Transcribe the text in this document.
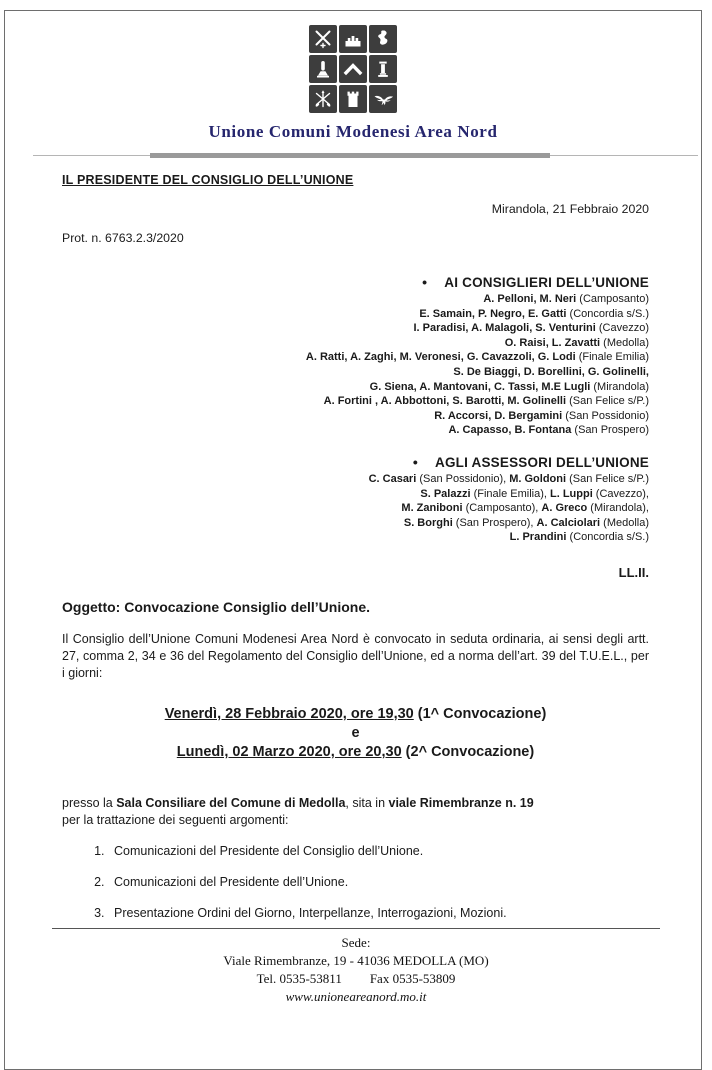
Unione Comuni Modenesi Area Nord
IL PRESIDENTE DEL CONSIGLIO DELL’UNIONE
Mirandola, 21 Febbraio 2020
Prot. n. 6763.2.3/2020
• AI CONSIGLIERI DELL’UNIONE
A. Pelloni, M. Neri (Camposanto)
E. Samain, P. Negro, E. Gatti (Concordia s/S.)
I. Paradisi, A. Malagoli, S. Venturini (Cavezzo)
O. Raisi, L. Zavatti (Medolla)
A. Ratti, A. Zaghi, M. Veronesi, G. Cavazzoli, G. Lodi (Finale Emilia)
S. De Biaggi, D. Borellini, G. Golinelli,
G. Siena, A. Mantovani, C. Tassi, M.E Lugli (Mirandola)
A. Fortini , A. Abbottoni, S. Barotti, M. Golinelli (San Felice s/P.)
R. Accorsi, D. Bergamini (San Possidonio)
A. Capasso, B. Fontana (San Prospero)
• AGLI ASSESSORI DELL’UNIONE
C. Casari (San Possidonio), M. Goldoni (San Felice s/P.)
S. Palazzi (Finale Emilia), L. Luppi (Cavezzo),
M. Zaniboni (Camposanto), A. Greco (Mirandola),
S. Borghi (San Prospero), A. Calciolari (Medolla)
L. Prandini (Concordia s/S.)
LL.II.
Oggetto: Convocazione Consiglio dell’Unione.
Il Consiglio dell’Unione Comuni Modenesi Area Nord è convocato in seduta ordinaria, ai sensi degli artt. 27, comma 2, 34 e 36 del Regolamento del Consiglio dell’Unione, ed a norma dell’art. 39 del T.U.E.L., per i giorni:
Venerdì, 28 Febbraio 2020, ore 19,30 (1^ Convocazione)
e
Lunedì, 02 Marzo 2020, ore 20,30 (2^ Convocazione)
presso la Sala Consiliare del Comune di Medolla, sita in viale Rimembranze n. 19
per la trattazione dei seguenti argomenti:
1. Comunicazioni del Presidente del Consiglio dell’Unione.
2. Comunicazioni del Presidente dell’Unione.
3. Presentazione Ordini del Giorno, Interpellanze, Interrogazioni, Mozioni.
Sede:
Viale Rimembranze, 19 - 41036 MEDOLLA (MO)
Tel. 0535-53811 Fax 0535-53809
www.unioneareanord.mo.it
